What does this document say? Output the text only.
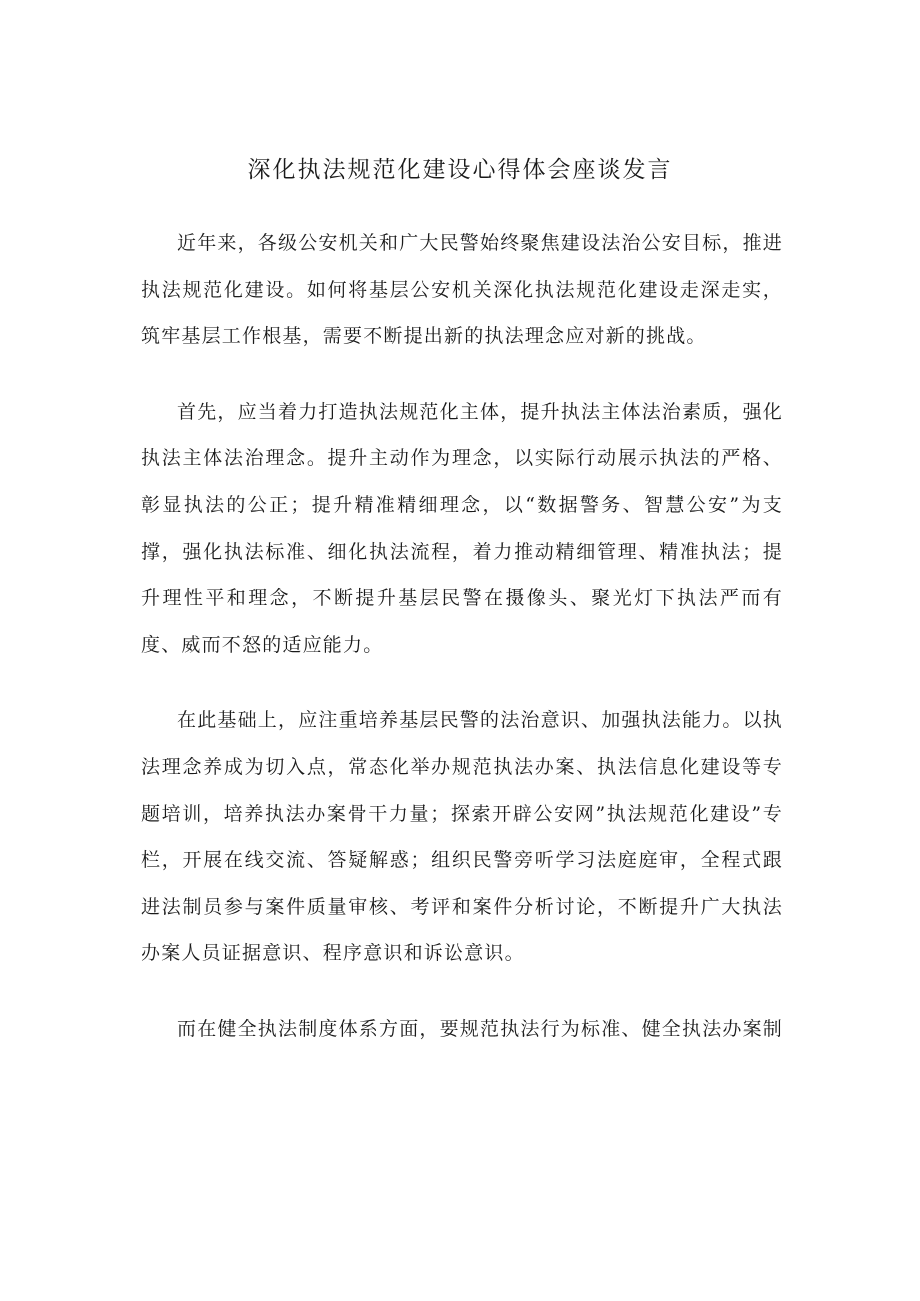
深化执法规范化建设心得体会座谈发言

近年来，各级公安机关和广大民警始终聚焦建设法治公安目标，推进执法规范化建设。如何将基层公安机关深化执法规范化建设走深走实，筑牢基层工作根基，需要不断提出新的执法理念应对新的挑战。

首先，应当着力打造执法规范化主体，提升执法主体法治素质，强化执法主体法治理念。提升主动作为理念，以实际行动展示执法的严格、彰显执法的公正；提升精准精细理念，以“数据警务、智慧公安”为支撑，强化执法标准、细化执法流程，着力推动精细管理、精准执法；提升理性平和理念，不断提升基层民警在摄像头、聚光灯下执法严而有度、威而不怒的适应能力。

在此基础上，应注重培养基层民警的法治意识、加强执法能力。以执法理念养成为切入点，常态化举办规范执法办案、执法信息化建设等专题培训，培养执法办案骨干力量；探索开辟公安网”执法规范化建设”专栏，开展在线交流、答疑解惑；组织民警旁听学习法庭庭审，全程式跟进法制员参与案件质量审核、考评和案件分析讨论，不断提升广大执法办案人员证据意识、程序意识和诉讼意识。

而在健全执法制度体系方面，要规范执法行为标准、健全执法办案制
